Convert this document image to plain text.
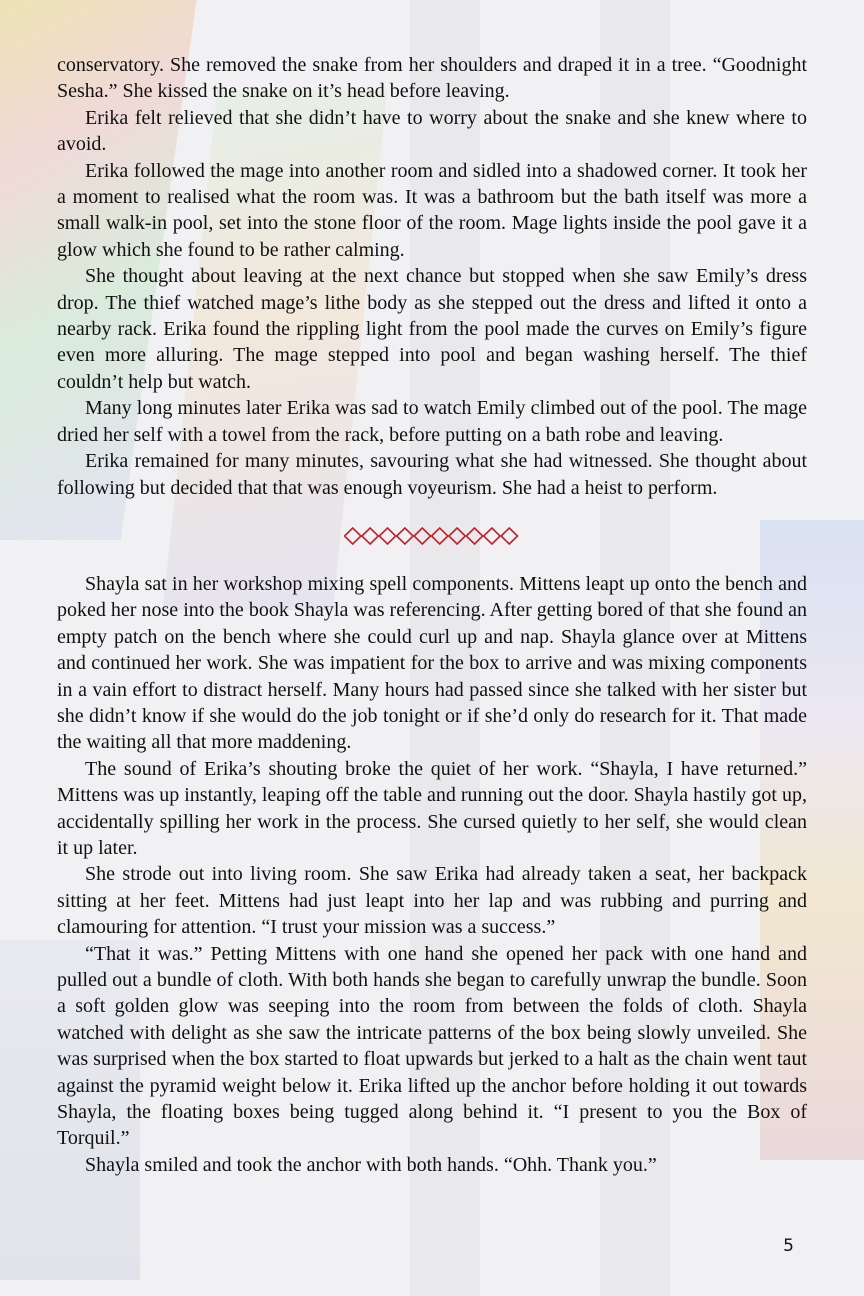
conservatory. She removed the snake from her shoulders and draped it in a tree. “Goodnight Sesha.” She kissed the snake on it’s head before leaving.

Erika felt relieved that she didn’t have to worry about the snake and she knew where to avoid.

Erika followed the mage into another room and sidled into a shadowed corner. It took her a moment to realised what the room was. It was a bathroom but the bath itself was more a small walk-in pool, set into the stone floor of the room. Mage lights inside the pool gave it a glow which she found to be rather calming.

She thought about leaving at the next chance but stopped when she saw Emily’s dress drop. The thief watched mage’s lithe body as she stepped out the dress and lifted it onto a nearby rack. Erika found the rippling light from the pool made the curves on Emily’s figure even more alluring. The mage stepped into pool and began washing herself. The thief couldn’t help but watch.

Many long minutes later Erika was sad to watch Emily climbed out of the pool. The mage dried her self with a towel from the rack, before putting on a bath robe and leaving.

Erika remained for many minutes, savouring what she had witnessed. She thought about following but decided that that was enough voyeurism. She had a heist to perform.

Shayla sat in her workshop mixing spell components. Mittens leapt up onto the bench and poked her nose into the book Shayla was referencing. After getting bored of that she found an empty patch on the bench where she could curl up and nap. Shayla glance over at Mittens and continued her work. She was impatient for the box to arrive and was mixing components in a vain effort to distract herself. Many hours had passed since she talked with her sister but she didn’t know if she would do the job tonight or if she’d only do research for it. That made the waiting all that more maddening.

The sound of Erika’s shouting broke the quiet of her work. “Shayla, I have returned.” Mittens was up instantly, leaping off the table and running out the door. Shayla hastily got up, accidentally spilling her work in the process. She cursed quietly to her self, she would clean it up later.

She strode out into living room. She saw Erika had already taken a seat, her backpack sitting at her feet. Mittens had just leapt into her lap and was rubbing and purring and clamouring for attention. “I trust your mission was a success.”

“That it was.” Petting Mittens with one hand she opened her pack with one hand and pulled out a bundle of cloth. With both hands she began to carefully unwrap the bundle. Soon a soft golden glow was seeping into the room from between the folds of cloth. Shayla watched with delight as she saw the intricate patterns of the box being slowly unveiled. She was surprised when the box started to float upwards but jerked to a halt as the chain went taut against the pyramid weight below it. Erika lifted up the anchor before holding it out towards Shayla, the floating boxes being tugged along behind it. “I present to you the Box of Torquil.”

Shayla smiled and took the anchor with both hands. “Ohh. Thank you.”

5
